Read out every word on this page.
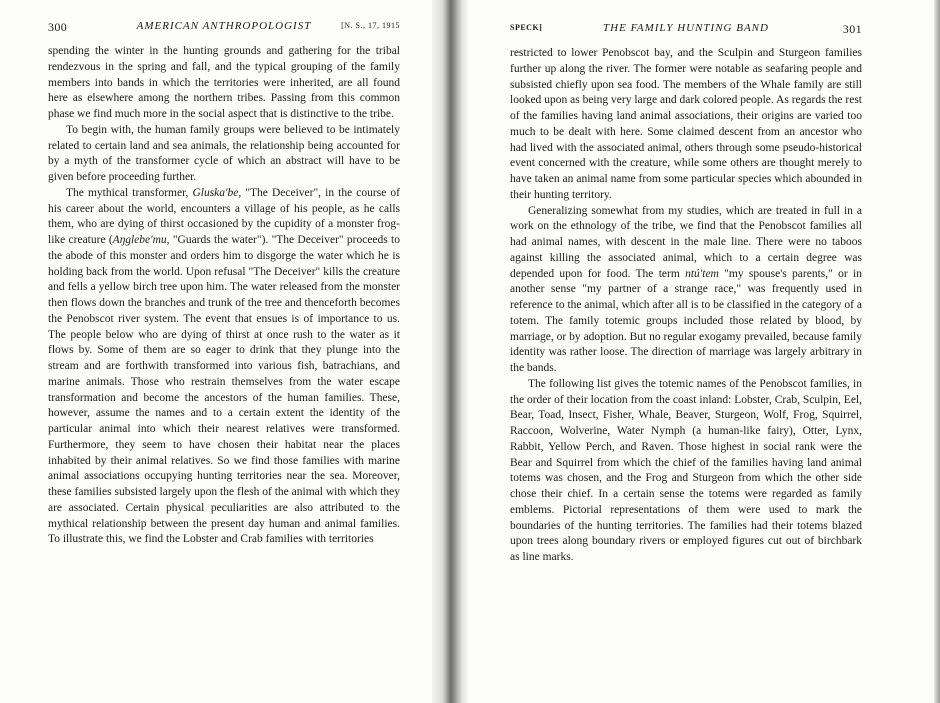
300	AMERICAN ANTHROPOLOGIST	[N. S., 17, 1915

spending the winter in the hunting grounds and gathering for the tribal rendezvous in the spring and fall, and the typical grouping of the family members into bands in which the territories were inherited, are all found here as elsewhere among the northern tribes. Passing from this common phase we find much more in the social aspect that is distinctive to the tribe.

To begin with, the human family groups were believed to be intimately related to certain land and sea animals, the relationship being accounted for by a myth of the transformer cycle of which an abstract will have to be given before proceeding further.

The mythical transformer, Gluska'be, "The Deceiver", in the course of his career about the world, encounters a village of his people, as he calls them, who are dying of thirst occasioned by the cupidity of a monster frog-like creature (Aŋglebe'mu, "Guards the water"). "The Deceiver" proceeds to the abode of this monster and orders him to disgorge the water which he is holding back from the world. Upon refusal "The Deceiver" kills the creature and fells a yellow birch tree upon him. The water released from the monster then flows down the branches and trunk of the tree and thenceforth becomes the Penobscot river system. The event that ensues is of importance to us. The people below who are dying of thirst at once rush to the water as it flows by. Some of them are so eager to drink that they plunge into the stream and are forthwith transformed into various fish, batrachians, and marine animals. Those who restrain themselves from the water escape transformation and become the ancestors of the human families. These, however, assume the names and to a certain extent the identity of the particular animal into which their nearest relatives were transformed. Furthermore, they seem to have chosen their habitat near the places inhabited by their animal relatives. So we find those families with marine animal associations occupying hunting territories near the sea. Moreover, these families subsisted largely upon the flesh of the animal with which they are associated. Certain physical peculiarities are also attributed to the mythical relationship between the present day human and animal families. To illustrate this, we find the Lobster and Crab families with territories

SPECK]	THE FAMILY HUNTING BAND	301

restricted to lower Penobscot bay, and the Sculpin and Sturgeon families further up along the river. The former were notable as seafaring people and subsisted chiefly upon sea food. The members of the Whale family are still looked upon as being very large and dark colored people. As regards the rest of the families having land animal associations, their origins are varied too much to be dealt with here. Some claimed descent from an ancestor who had lived with the associated animal, others through some pseudo-historical event concerned with the creature, while some others are thought merely to have taken an animal name from some particular species which abounded in their hunting territory.

Generalizing somewhat from my studies, which are treated in full in a work on the ethnology of the tribe, we find that the Penobscot families all had animal names, with descent in the male line. There were no taboos against killing the associated animal, which to a certain degree was depended upon for food. The term ntú'tem "my spouse's parents," or in another sense "my partner of a strange race," was frequently used in reference to the animal, which after all is to be classified in the category of a totem. The family totemic groups included those related by blood, by marriage, or by adoption. But no regular exogamy prevailed, because family identity was rather loose. The direction of marriage was largely arbitrary in the bands.

The following list gives the totemic names of the Penobscot families, in the order of their location from the coast inland: Lobster, Crab, Sculpin, Eel, Bear, Toad, Insect, Fisher, Whale, Beaver, Sturgeon, Wolf, Frog, Squirrel, Raccoon, Wolverine, Water Nymph (a human-like fairy), Otter, Lynx, Rabbit, Yellow Perch, and Raven. Those highest in social rank were the Bear and Squirrel from which the chief of the families having land animal totems was chosen, and the Frog and Sturgeon from which the other side chose their chief. In a certain sense the totems were regarded as family emblems. Pictorial representations of them were used to mark the boundaries of the hunting territories. The families had their totems blazed upon trees along boundary rivers or employed figures cut out of birchbark as line marks.
